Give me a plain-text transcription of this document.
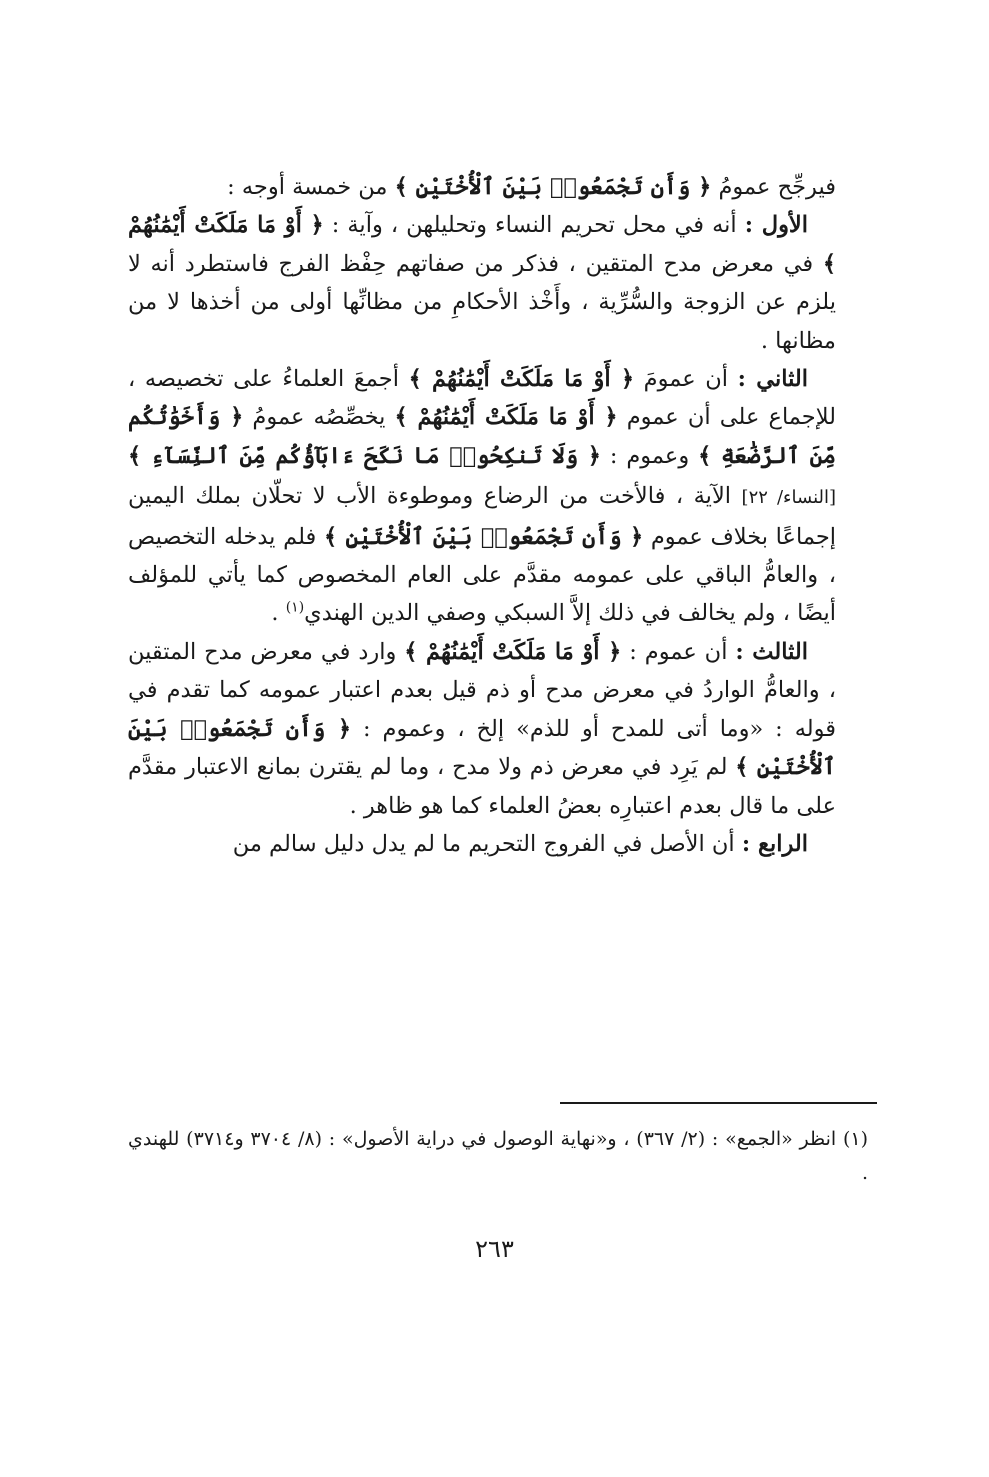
فيرجِّح عمومُ ﴿ وَأَن تَجْمَعُوا۟ بَيْنَ ٱلْأُخْتَيْنِ ﴾ من خمسة أوجه :

الأول : أنه في محل تحريم النساء وتحليلهن ، وآية : ﴿ أَوْ مَا مَلَكَتْ أَيْمَٰنُهُمْ ﴾ في معرض مدح المتقين ، فذكر من صفاتهم حِفْظ الفرج فاستطرد أنه لا يلزم عن الزوجة والسُّرِّية ، وأَخْذ الأحكامِ من مظانِّها أولى من أخذها لا من مظانها .

الثاني : أن عمومَ ﴿ أَوْ مَا مَلَكَتْ أَيْمَٰنُهُمْ ﴾ أجمعَ العلماءُ على تخصيصه ، للإجماع على أن عموم ﴿ أَوْ مَا مَلَكَتْ أَيْمَٰنُهُمْ ﴾ يخصِّصُه عمومُ ﴿ وَأَخَوَٰتُكُم مِّنَ ٱلرَّضَٰعَةِ ﴾ وعموم : ﴿ وَلَا تَنكِحُوا۟ مَا نَكَحَ ءَابَآؤُكُم مِّنَ ٱلنِّسَآءِ ﴾ [النساء/ ٢٢] الآية ، فالأخت من الرضاع وموطوءة الأب لا تحلّان بملك اليمين إجماعًا بخلاف عموم ﴿ وَأَن تَجْمَعُوا۟ بَيْنَ ٱلْأُخْتَيْنِ ﴾ فلم يدخله التخصيص ، والعامُّ الباقي على عمومه مقدَّم على العام المخصوص كما يأتي للمؤلف أيضًا ، ولم يخالف في ذلك إلاَّ السبكي وصفي الدين الهندي$^{(١)}$ .

الثالث : أن عموم : ﴿ أَوْ مَا مَلَكَتْ أَيْمَٰنُهُمْ ﴾ وارد في معرض مدح المتقين ، والعامُّ الواردُ في معرض مدح أو ذم قيل بعدم اعتبار عمومه كما تقدم في قوله : «وما أتى للمدح أو للذم» إلخ ، وعموم : ﴿ وَأَن تَجْمَعُوا۟ بَيْنَ ٱلْأُخْتَيْنِ ﴾ لم يَرِد في معرض ذم ولا مدح ، وما لم يقترن بمانع الاعتبار مقدَّم على ما قال بعدم اعتبارِه بعضُ العلماء كما هو ظاهر .

الرابع : أن الأصل في الفروج التحريم ما لم يدل دليل سالم من

(١) انظر «الجمع» : (٢/ ٣٦٧) ، و«نهاية الوصول في دراية الأصول» : (٨/ ٣٧٠٤ و٣٧١٤) للهندي .

٢٦٣
